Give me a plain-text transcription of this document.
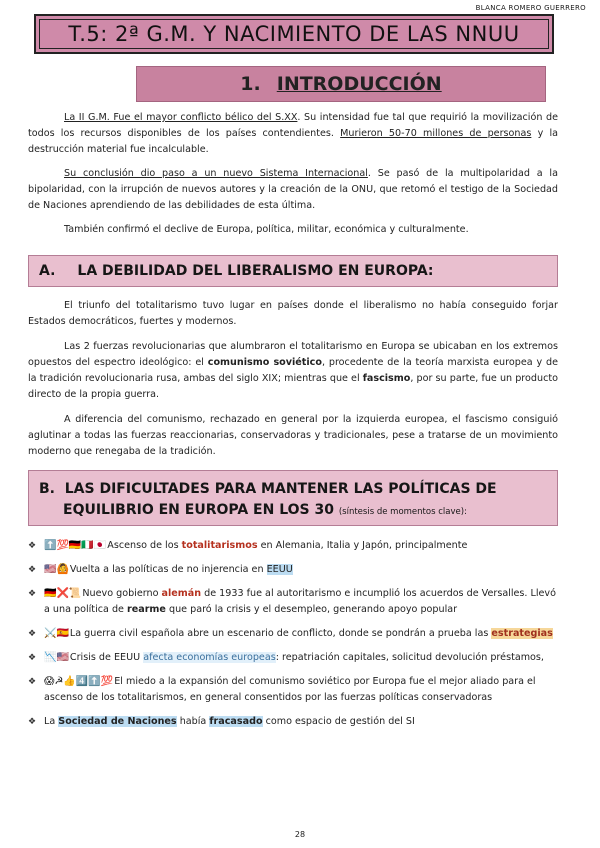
BLANCA ROMERO GUERRERO
T.5: 2ª G.M. Y NACIMIENTO DE LAS NNUU
1. INTRODUCCIÓN

La II G.M. Fue el mayor conflicto bélico del S.XX. Su intensidad fue tal que requirió la movilización de todos los recursos disponibles de los países contendientes. Murieron 50-70 millones de personas y la destrucción material fue incalculable.

Su conclusión dio paso a un nuevo Sistema Internacional. Se pasó de la multipolaridad a la bipolaridad, con la irrupción de nuevos autores y la creación de la ONU, que retomó el testigo de la Sociedad de Naciones aprendiendo de las debilidades de esta última.

También confirmó el declive de Europa, política, militar, económica y culturalmente.

A. LA DEBILIDAD DEL LIBERALISMO EN EUROPA:

El triunfo del totalitarismo tuvo lugar en países donde el liberalismo no había conseguido forjar Estados democráticos, fuertes y modernos.

Las 2 fuerzas revolucionarias que alumbraron el totalitarismo en Europa se ubicaban en los extremos opuestos del espectro ideológico: el comunismo soviético, procedente de la teoría marxista europea y de la tradición revolucionaria rusa, ambas del siglo XIX; mientras que el fascismo, por su parte, fue un producto directo de la propia guerra.

A diferencia del comunismo, rechazado en general por la izquierda europea, el fascismo consiguió aglutinar a todas las fuerzas reaccionarias, conservadoras y tradicionales, pese a tratarse de un movimiento moderno que renegaba de la tradición.

B. LAS DIFICULTADES PARA MANTENER LAS POLÍTICAS DE
EQUILIBRIO EN EUROPA EN LOS 30 (síntesis de momentos clave):
❖ ⬆️💯🇩🇪🇮🇹🇯🇵Ascenso de los totalitarismos en Alemania, Italia y Japón, principalmente
❖ 🇺🇸🙆Vuelta a las políticas de no injerencia en EEUU
❖ 🇩🇪❌📜Nuevo gobierno alemán de 1933 fue al autoritarismo e incumplió los acuerdos de Versalles. Llevó a una política de rearme que paró la crisis y el desempleo, generando apoyo popular
❖ ⚔️🇪🇸La guerra civil española abre un escenario de conflicto, donde se pondrán a prueba las estrategias
❖ 📉🇺🇸Crisis de EEUU afecta economías europeas: repatriación capitales, solicitud devolución préstamos,
❖ 😱☭👍4️⃣⬆️💯El miedo a la expansión del comunismo soviético por Europa fue el mejor aliado para el ascenso de los totalitarismos, en general consentidos por las fuerzas políticas conservadoras
❖ La Sociedad de Naciones había fracasado como espacio de gestión del SI
28
